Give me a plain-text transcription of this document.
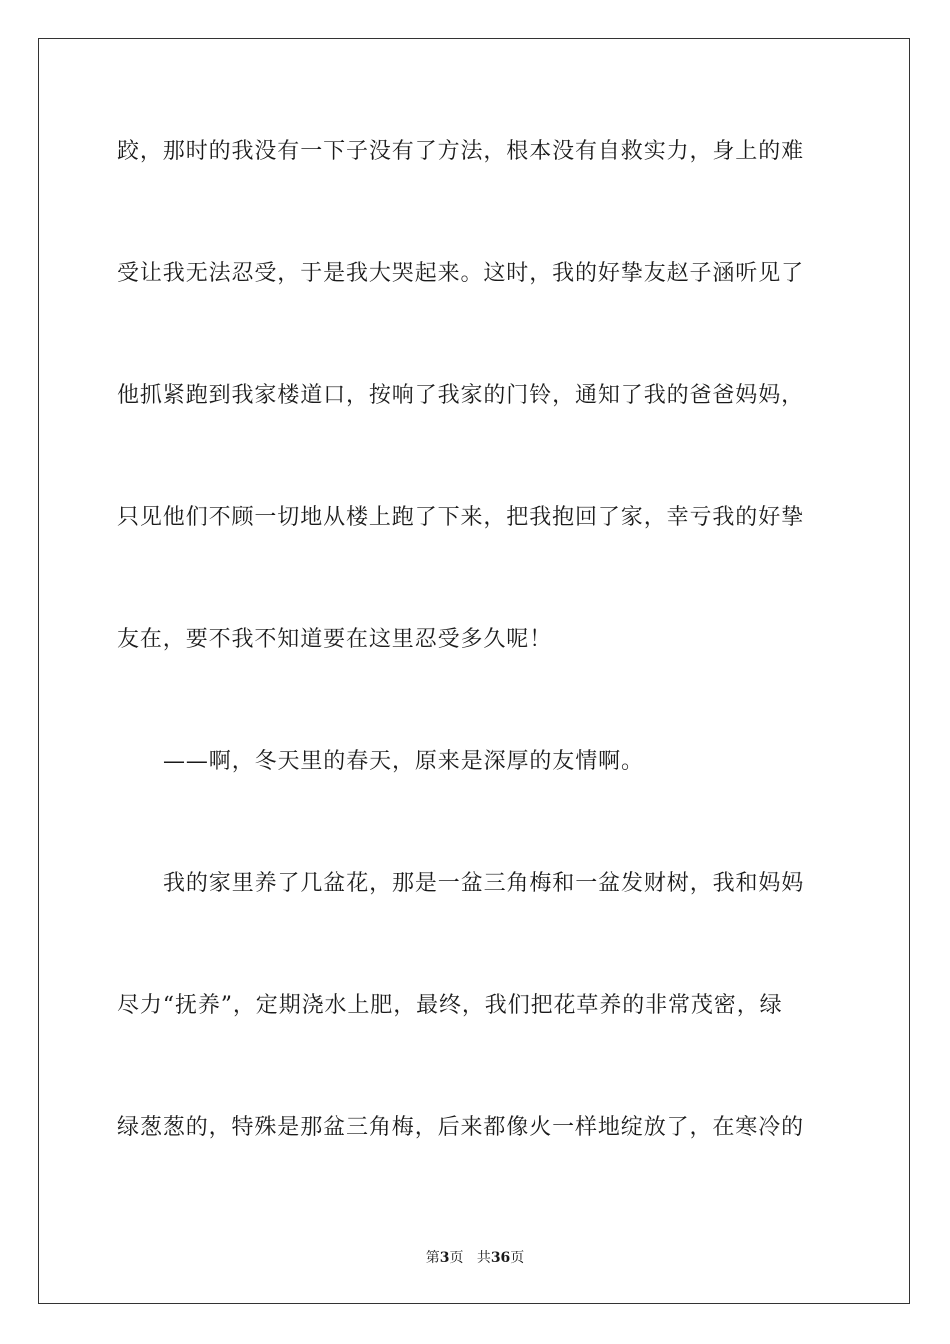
跤，那时的我没有一下子没有了方法，根本没有自救实力，身上的难
受让我无法忍受，于是我大哭起来。这时，我的好挚友赵子涵听见了
他抓紧跑到我家楼道口，按响了我家的门铃，通知了我的爸爸妈妈，
只见他们不顾一切地从楼上跑了下来，把我抱回了家，幸亏我的好挚
友在，要不我不知道要在这里忍受多久呢！
——啊，冬天里的春天，原来是深厚的友情啊。
我的家里养了几盆花，那是一盆三角梅和一盆发财树，我和妈妈
尽力“抚养”，定期浇水上肥，最终，我们把花草养的非常茂密，绿
绿葱葱的，特殊是那盆三角梅，后来都像火一样地绽放了，在寒冷的
第3页 共36页
